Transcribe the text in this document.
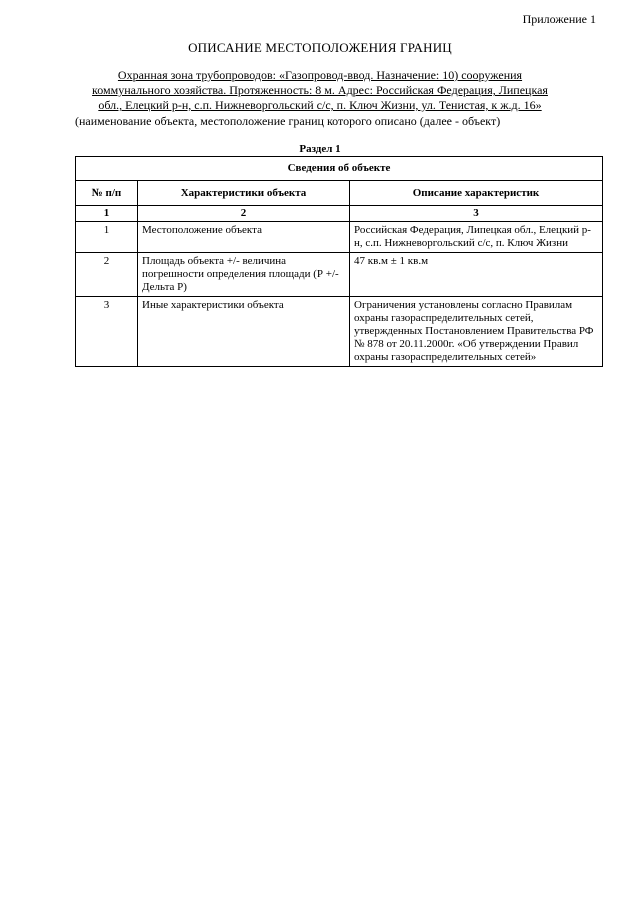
Приложение 1
ОПИСАНИЕ МЕСТОПОЛОЖЕНИЯ ГРАНИЦ
Охранная зона трубопроводов: «Газопровод-ввод. Назначение: 10) сооружения коммунального хозяйства. Протяженность: 8 м. Адрес: Российская Федерация, Липецкая обл., Елецкий р-н, с.п. Нижневоргольский с/с, п. Ключ Жизни, ул. Тенистая, к ж.д. 16»
(наименование объекта, местоположение границ которого описано (далее - объект)
Раздел 1
Сведения об объекте		
№ п/п	Характеристики объекта	Описание характеристик
1	2	3
1	Местоположение объекта	Российская Федерация, Липецкая обл., Елецкий р-н, с.п. Нижневоргольский с/с, п. Ключ Жизни
2	Площадь объекта +/- величина погрешности определения площади (Р +/- Дельта Р)	47 кв.м ± 1 кв.м
3	Иные характеристики объекта	Ограничения установлены согласно Правилам охраны газораспределительных сетей, утвержденных Постановлением Правительства РФ № 878 от 20.11.2000г. «Об утверждении Правил охраны газораспределительных сетей»
